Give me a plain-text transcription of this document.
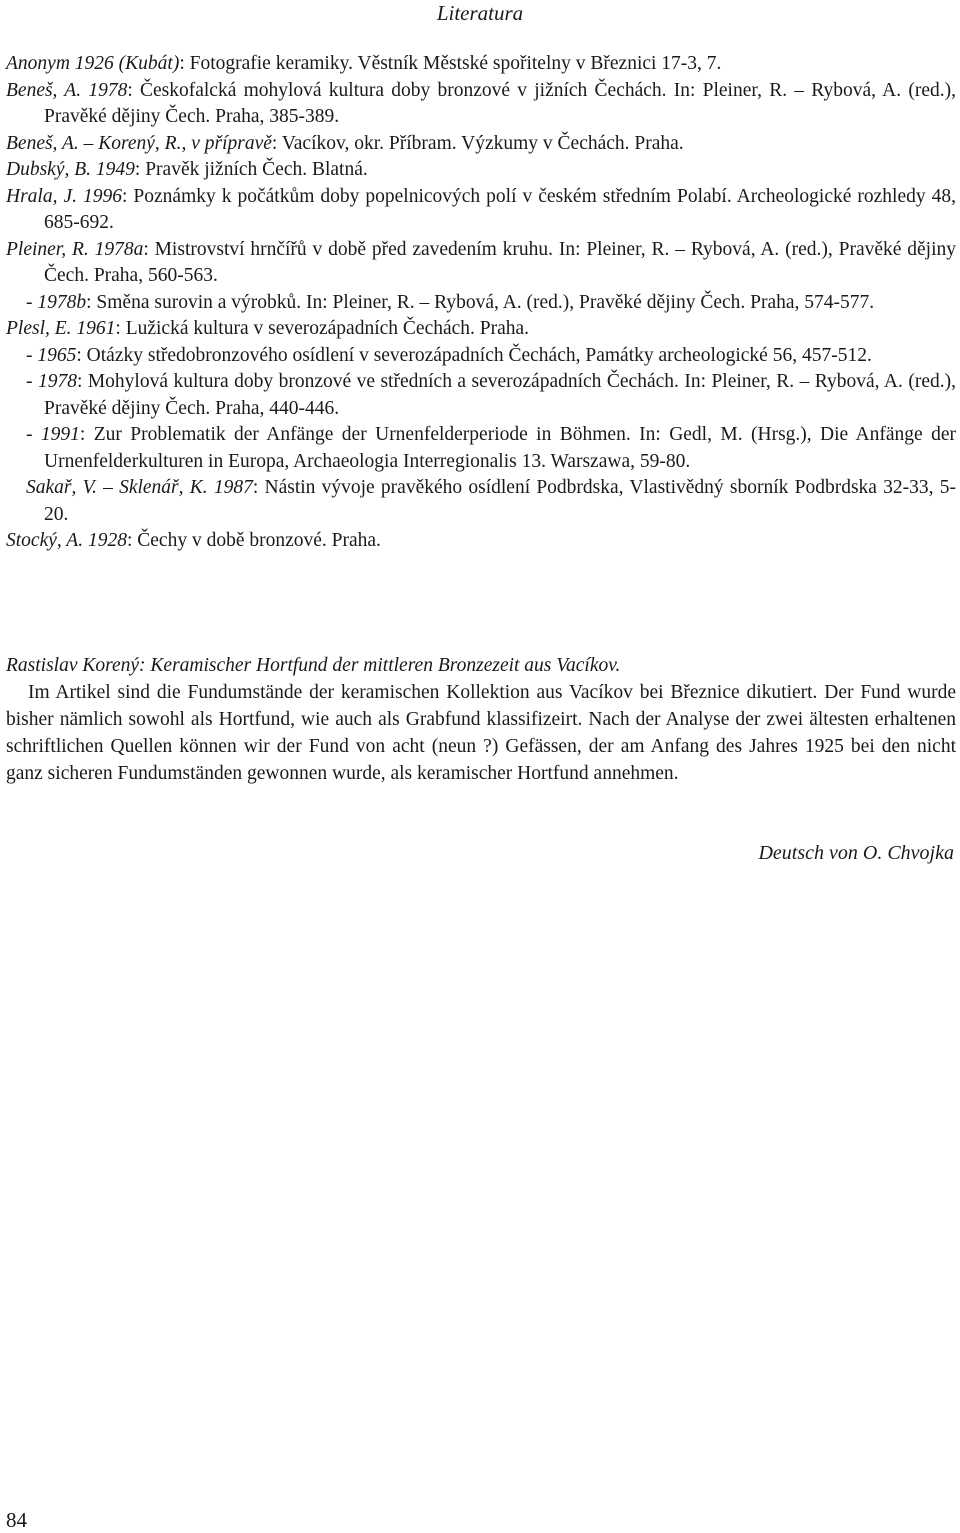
Literatura

Anonym 1926 (Kubát): Fotografie keramiky. Věstník Městské spořitelny v Březnici 17-3, 7.

Beneš, A. 1978: Českofalcká mohylová kultura doby bronzové v jižních Čechách. In: Pleiner, R. – Rybová, A. (red.), Pravěké dějiny Čech. Praha, 385-389.

Beneš, A. – Korený, R., v přípravě: Vacíkov, okr. Příbram. Výzkumy v Čechách. Praha.

Dubský, B. 1949: Pravěk jižních Čech. Blatná.

Hrala, J. 1996: Poznámky k počátkům doby popelnicových polí v českém středním Polabí. Archeologické rozhledy 48, 685-692.

Pleiner, R. 1978a: Mistrovství hrnčířů v době před zavedením kruhu. In: Pleiner, R. – Rybová, A. (red.), Pravěké dějiny Čech. Praha, 560-563.

- 1978b: Směna surovin a výrobků. In: Pleiner, R. – Rybová, A. (red.), Pravěké dějiny Čech. Praha, 574-577.

Plesl, E. 1961: Lužická kultura v severozápadních Čechách. Praha.

- 1965: Otázky středobronzového osídlení v severozápadních Čechách, Památky archeologické 56, 457-512.

- 1978: Mohylová kultura doby bronzové ve středních a severozápadních Čechách. In: Pleiner, R. – Rybová, A. (red.), Pravěké dějiny Čech. Praha, 440-446.

- 1991: Zur Problematik der Anfänge der Urnenfelderperiode in Böhmen. In: Gedl, M. (Hrsg.), Die Anfänge der Urnenfelderkulturen in Europa, Archaeologia Interregionalis 13. Warszawa, 59-80.

Sakař, V. – Sklenář, K. 1987: Nástin vývoje pravěkého osídlení Podbrdska, Vlastivědný sborník Podbrdska 32-33, 5-20.

Stocký, A. 1928: Čechy v době bronzové. Praha.

Rastislav Korený: Keramischer Hortfund der mittleren Bronzezeit aus Vacíkov.

Im Artikel sind die Fundumstände der keramischen Kollektion aus Vacíkov bei Březnice dikutiert. Der Fund wurde bisher nämlich sowohl als Hortfund, wie auch als Grabfund klassifizeirt. Nach der Analyse der zwei ältesten erhaltenen schriftlichen Quellen können wir der Fund von acht (neun ?) Gefässen, der am Anfang des Jahres 1925 bei den nicht ganz sicheren Fundumständen gewonnen wurde, als keramischer Hortfund annehmen.

Deutsch von O. Chvojka
84
